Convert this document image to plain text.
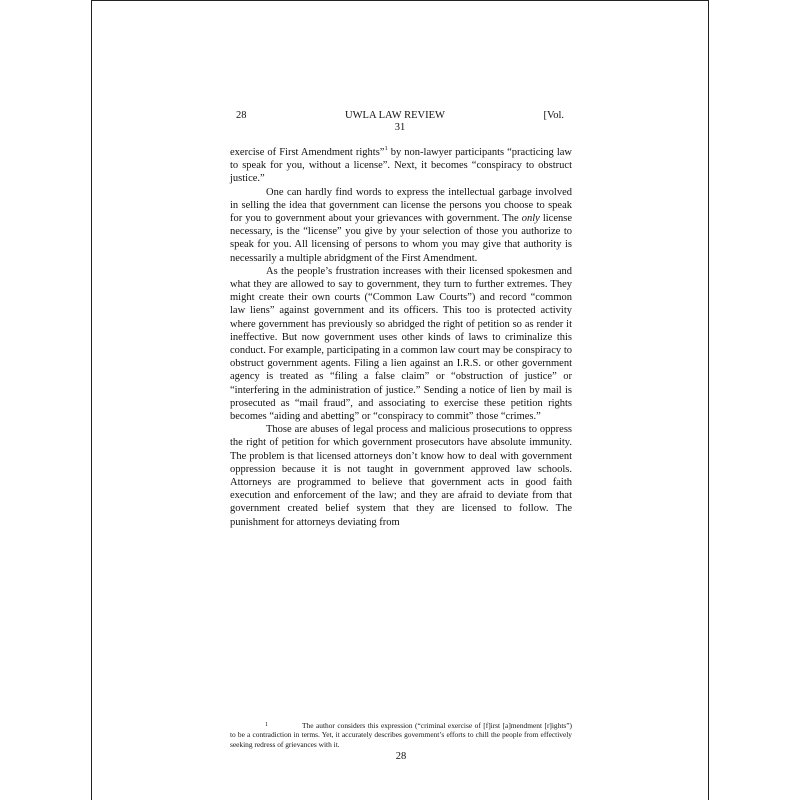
28	UWLA LAW REVIEW	[Vol.
31

exercise of First Amendment rights”$^1$ by non-lawyer participants “practicing law to speak for you, without a license”. Next, it becomes “conspiracy to obstruct justice.”

One can hardly find words to express the intellectual garbage involved in selling the idea that government can license the persons you choose to speak for you to government about your grievances with government. The only license necessary, is the “license” you give by your selection of those you authorize to speak for you. All licensing of persons to whom you may give that authority is necessarily a multiple abridgment of the First Amendment.

As the people’s frustration increases with their licensed spokesmen and what they are allowed to say to government, they turn to further extremes. They might create their own courts (“Common Law Courts”) and record “common law liens” against government and its officers. This too is protected activity where government has previously so abridged the right of petition so as render it ineffective. But now government uses other kinds of laws to criminalize this conduct. For example, participating in a common law court may be conspiracy to obstruct government agents. Filing a lien against an I.R.S. or other government agency is treated as “filing a false claim” or “obstruction of justice” or “interfering in the administration of justice.” Sending a notice of lien by mail is prosecuted as “mail fraud”, and associating to exercise these petition rights becomes “aiding and abetting” or “conspiracy to commit” those “crimes.”

Those are abuses of legal process and malicious prosecutions to oppress the right of petition for which government prosecutors have absolute immunity. The problem is that licensed attorneys don’t know how to deal with government oppression because it is not taught in government approved law schools. Attorneys are programmed to believe that government acts in good faith execution and enforcement of the law; and they are afraid to deviate from that government created belief system that they are licensed to follow. The punishment for attorneys deviating from

1	The author considers this expression (“criminal exercise of [f]irst [a]mendment [r]ights”) to be a contradiction in terms. Yet, it accurately describes government’s efforts to chill the people from effectively seeking redress of grievances with it.
28
